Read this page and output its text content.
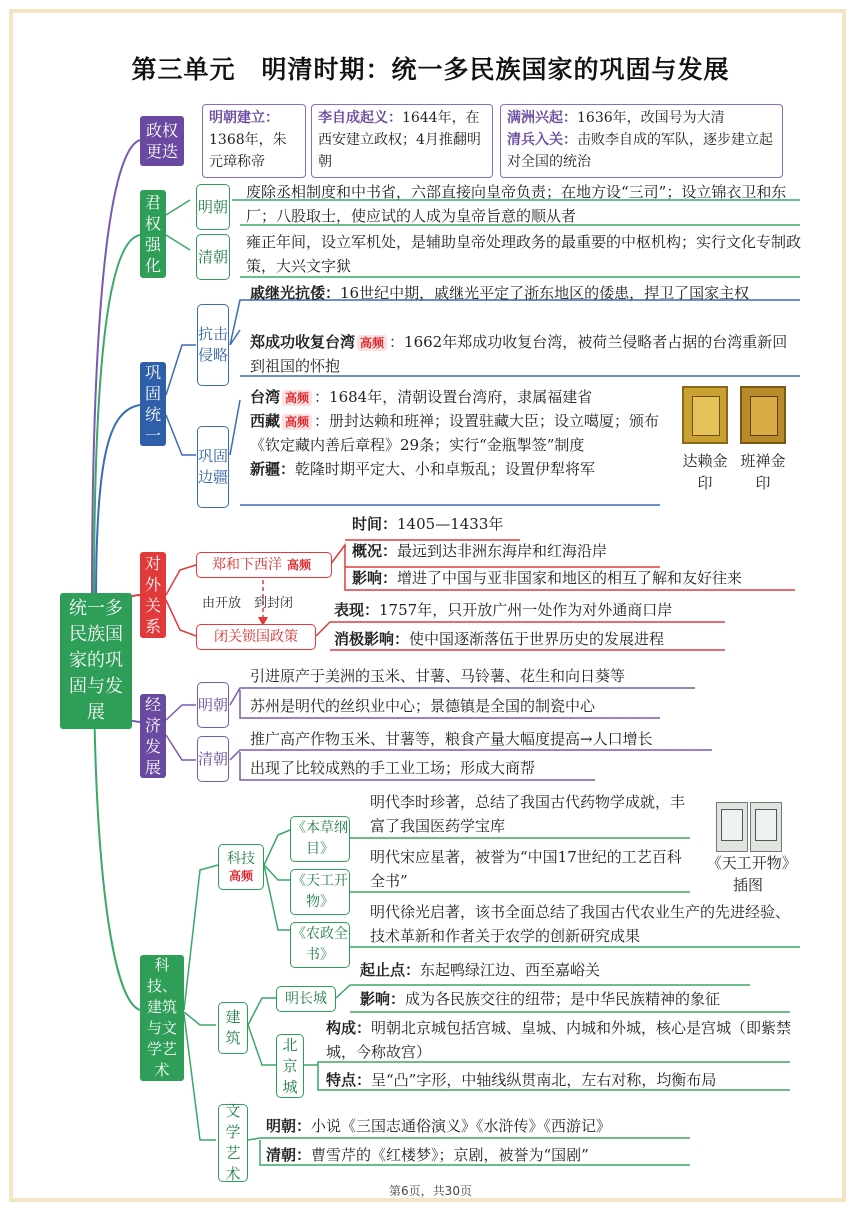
第三单元　明清时期：统一多民族国家的巩固与发展
统一多民族国家的巩固与发展
政权更迭
明朝建立：1368年，朱元璋称帝
李自成起义：1644年，在西安建立政权；4月推翻明朝
满洲兴起：1636年，改国号为大清
清兵入关：击败李自成的军队，逐步建立起对全国的统治
君权强化
明朝
废除丞相制度和中书省，六部直接向皇帝负责；在地方设“三司”；设立锦衣卫和东厂；八股取士，使应试的人成为皇帝旨意的顺从者
清朝
雍正年间，设立军机处，是辅助皇帝处理政务的最重要的中枢机构；实行文化专制政策，大兴文字狱
巩固统一
抗击侵略
戚继光抗倭：16世纪中期，戚继光平定了浙东地区的倭患，捍卫了国家主权
郑成功收复台湾 高频 ：1662年郑成功收复台湾，被荷兰侵略者占据的台湾重新回到祖国的怀抱
巩固边疆
台湾 高频 ：1684年，清朝设置台湾府，隶属福建省
西藏 高频 ：册封达赖和班禅；设置驻藏大臣；设立噶厦；颁布《钦定藏内善后章程》29条；实行“金瓶掣签”制度
新疆：乾隆时期平定大、小和卓叛乱；设置伊犁将军	达赖金印
班禅金印
对外关系
郑和下西洋 高频
时间：1405—1433年
概况：最远到达非洲东海岸和红海沿岸
影响：增进了中国与亚非国家和地区的相互了解和友好往来
由开放　到封闭
闭关锁国政策
表现：1757年，只开放广州一处作为对外通商口岸
消极影响：使中国逐渐落伍于世界历史的发展进程
经济发展
明朝
引进原产于美洲的玉米、甘薯、马铃薯、花生和向日葵等
苏州是明代的丝织业中心；景德镇是全国的制瓷中心
清朝
推广高产作物玉米、甘薯等，粮食产量大幅度提高→人口增长
出现了比较成熟的手工业工场；形成大商帮
科技、建筑与文学艺术
科技
高频
《本草纲目》
明代李时珍著，总结了我国古代药物学成就，丰富了我国医药学宝库
《天工开物》
明代宋应星著，被誉为“中国17世纪的工艺百科全书”
《农政全书》
明代徐光启著，该书全面总结了我国古代农业生产的先进经验、技术革新和作者关于农学的创新研究成果
《天工开物》插图
建筑
明长城
起止点：东起鸭绿江边、西至嘉峪关
影响：成为各民族交往的纽带；是中华民族精神的象征
北京城
构成：明朝北京城包括宫城、皇城、内城和外城，核心是宫城（即紫禁城，今称故宫）
特点：呈“凸”字形，中轴线纵贯南北，左右对称，均衡布局
文学艺术
明朝：小说《三国志通俗演义》《水浒传》《西游记》
清朝：曹雪芹的《红楼梦》；京剧，被誉为“国剧”
第6页，共30页
